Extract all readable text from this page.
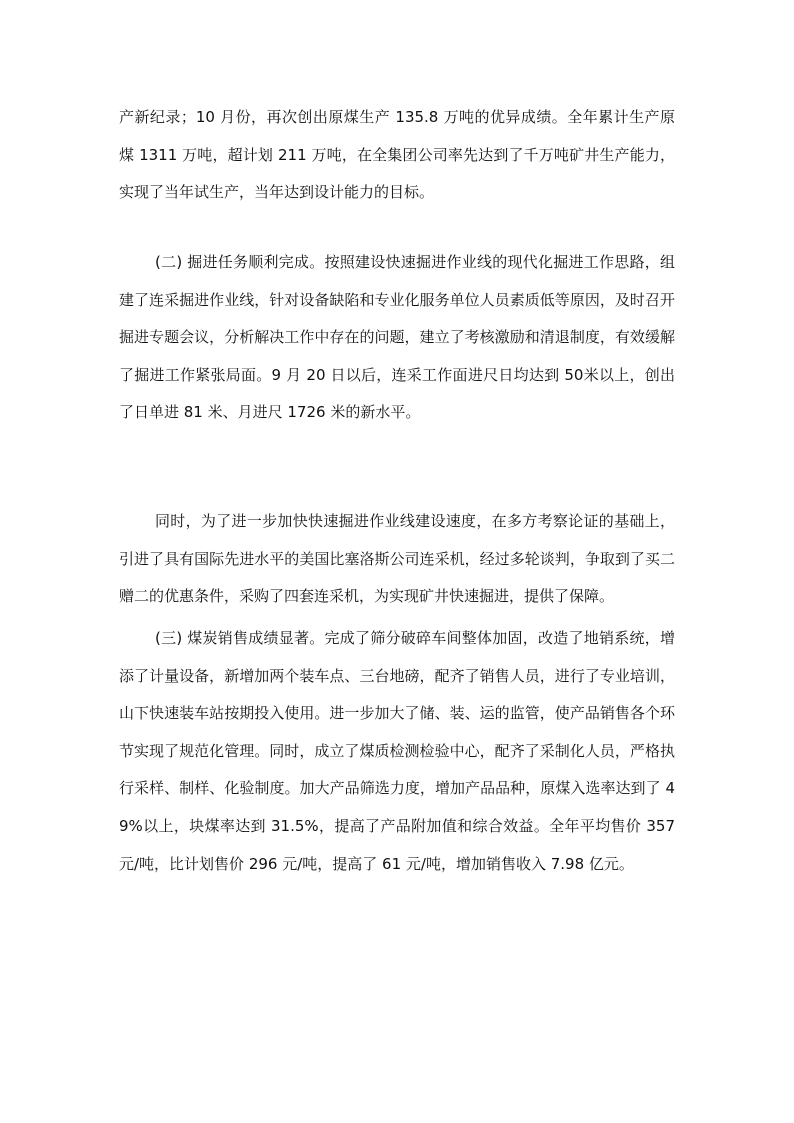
产新纪录；10 月份，再次创出原煤生产 135.8 万吨的优异成绩。全年累计生产原煤 1311 万吨，超计划 211 万吨，在全集团公司率先达到了千万吨矿井生产能力，实现了当年试生产，当年达到设计能力的目标。

(二) 掘进任务顺利完成。按照建设快速掘进作业线的现代化掘进工作思路，组建了连采掘进作业线，针对设备缺陷和专业化服务单位人员素质低等原因，及时召开掘进专题会议，分析解决工作中存在的问题，建立了考核激励和清退制度，有效缓解了掘进工作紧张局面。9 月 20 日以后，连采工作面进尺日均达到 50米以上，创出了日单进 81 米、月进尺 1726 米的新水平。

同时，为了进一步加快快速掘进作业线建设速度，在多方考察论证的基础上，引进了具有国际先进水平的美国比塞洛斯公司连采机，经过多轮谈判，争取到了买二赠二的优惠条件，采购了四套连采机，为实现矿井快速掘进，提供了保障。

(三) 煤炭销售成绩显著。完成了筛分破碎车间整体加固，改造了地销系统，增添了计量设备，新增加两个装车点、三台地磅，配齐了销售人员，进行了专业培训，山下快速装车站按期投入使用。进一步加大了储、装、运的监管，使产品销售各个环节实现了规范化管理。同时，成立了煤质检测检验中心，配齐了采制化人员，严格执行采样、制样、化验制度。加大产品筛选力度，增加产品品种，原煤入选率达到了 49%以上，块煤率达到 31.5%，提高了产品附加值和综合效益。全年平均售价 357 元/吨，比计划售价 296 元/吨，提高了 61 元/吨，增加销售收入 7.98 亿元。
